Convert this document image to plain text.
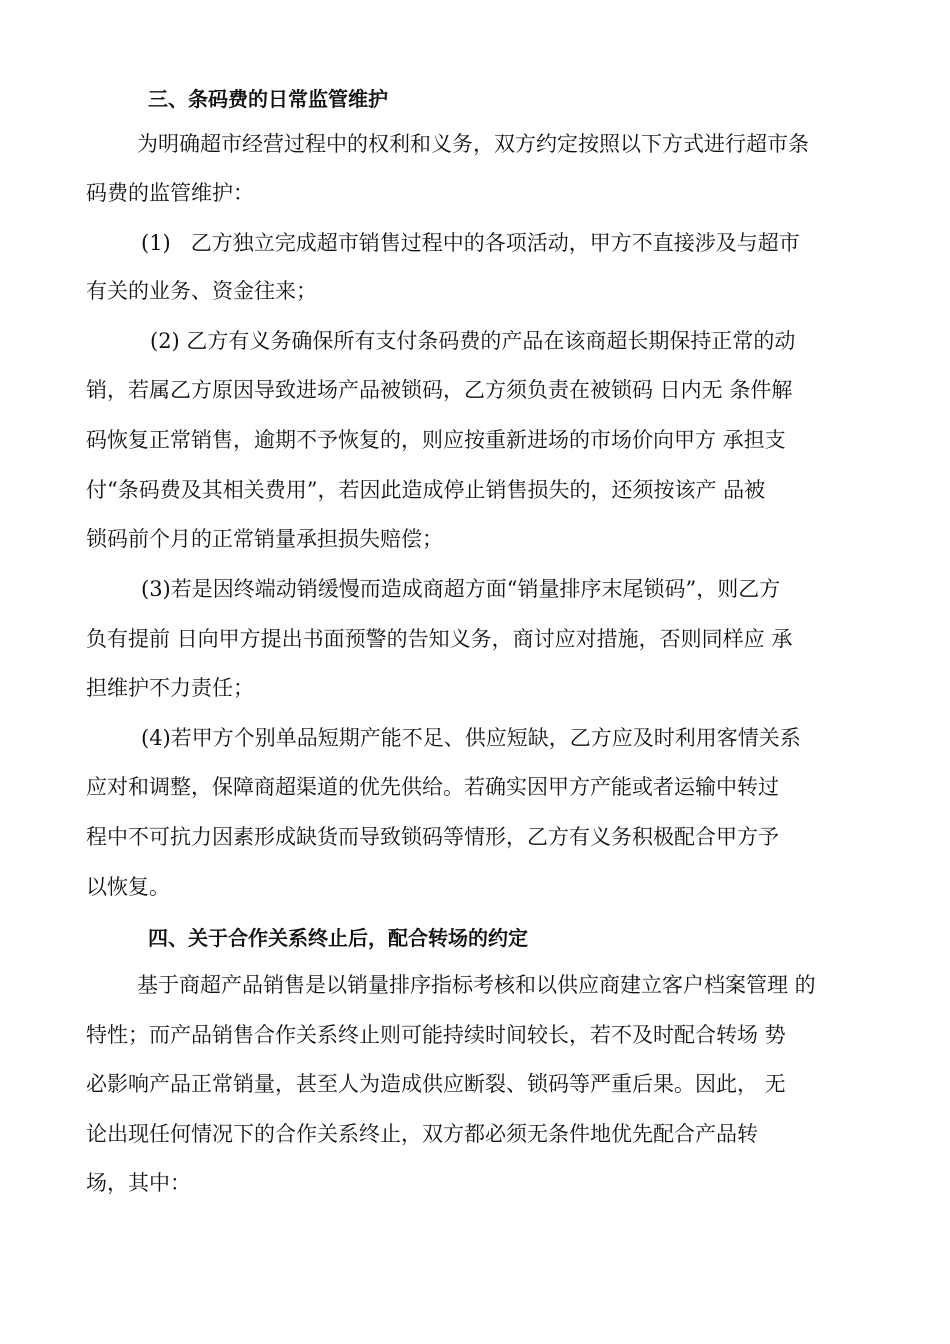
三、条码费的日常监管维护
为明确超市经营过程中的权利和义务，双方约定按照以下方式进行超市条
码费的监管维护：
(1)   乙方独立完成超市销售过程中的各项活动，甲方不直接涉及与超市
有关的业务、资金往来；
(2) 乙方有义务确保所有支付条码费的产品在该商超长期保持正常的动
销，若属乙方原因导致进场产品被锁码，乙方须负责在被锁码 日内无 条件解
码恢复正常销售，逾期不予恢复的，则应按重新进场的市场价向甲方 承担支
付“条码费及其相关费用”，若因此造成停止销售损失的，还须按该产 品被
锁码前个月的正常销量承担损失赔偿；
(3)若是因终端动销缓慢而造成商超方面“销量排序末尾锁码”，则乙方
负有提前 日向甲方提出书面预警的告知义务，商讨应对措施，否则同样应 承
担维护不力责任；
(4)若甲方个别单品短期产能不足、供应短缺，乙方应及时利用客情关系
应对和调整，保障商超渠道的优先供给。若确实因甲方产能或者运输中转过
程中不可抗力因素形成缺货而导致锁码等情形，乙方有义务积极配合甲方予
以恢复。
四、关于合作关系终止后，配合转场的约定
基于商超产品销售是以销量排序指标考核和以供应商建立客户档案管理 的
特性；而产品销售合作关系终止则可能持续时间较长，若不及时配合转场 势
必影响产品正常销量，甚至人为造成供应断裂、锁码等严重后果。因此， 无
论出现任何情况下的合作关系终止，双方都必须无条件地优先配合产品转
场，其中：
